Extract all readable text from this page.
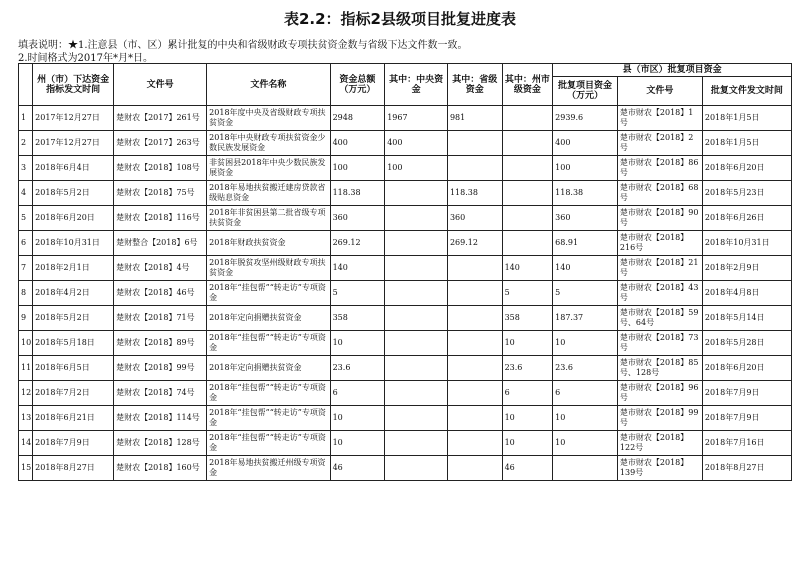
表2.2：指标2县级项目批复进度表
填表说明：★1.注意县（市、区）累计批复的中央和省级财政专项扶贫资金数与省级下达文件数一致。
2.时间格式为2017年*月*日。
	州（市）下达资金指标发文时间	文件号	文件名称	资金总额（万元）	其中：中央资金	其中：省级资金	其中：州市级资金	县（市区）批复项目资金		
								批复项目资金（万元）	文件号	批复文件发文时间
1	2017年12月27日	楚财农【2017】261号	2018年度中央及省级财政专项扶贫资金	2948	1967	981		2939.6	楚市财农【2018】1号	2018年1月5日
2	2017年12月27日	楚财农【2017】263号	2018年中央财政专项扶贫资金少数民族发展资金	400	400			400	楚市财农【2018】2号	2018年1月5日
3	2018年6月4日	楚财农【2018】108号	非贫困县2018年中央少数民族发展资金	100	100			100	楚市财农【2018】86号	2018年6月20日
4	2018年5月2日	楚财农【2018】75号	2018年易地扶贫搬迁建房贷款省级贴息资金	118.38		118.38		118.38	楚市财农【2018】68号	2018年5月23日
5	2018年6月20日	楚财农【2018】116号	2018年非贫困县第二批省级专项扶贫资金	360		360		360	楚市财农【2018】90号	2018年6月26日
6	2018年10月31日	楚财整合【2018】6号	2018年财政扶贫资金	269.12		269.12		68.91	楚市财农【2018】216号	2018年10月31日
7	2018年2月1日	楚财农【2018】4号	2018年脱贫攻坚州级财政专项扶贫资金	140			140	140	楚市财农【2018】21号	2018年2月9日
8	2018年4月2日	楚财农【2018】46号	2018年“挂包帮”“转走访”专项资金	5			5	5	楚市财农【2018】43号	2018年4月8日
9	2018年5月2日	楚财农【2018】71号	2018年定向捐赠扶贫资金	358			358	187.37	楚市财农【2018】59号、64号	2018年5月14日
10	2018年5月18日	楚财农【2018】89号	2018年“挂包帮”“转走访”专项资金	10			10	10	楚市财农【2018】73号	2018年5月28日
11	2018年6月5日	楚财农【2018】99号	2018年定向捐赠扶贫资金	23.6			23.6	23.6	楚市财农【2018】85号、128号	2018年6月20日
12	2018年7月2日	楚财农【2018】74号	2018年“挂包帮”“转走访”专项资金	6			6	6	楚市财农【2018】96号	2018年7月9日
13	2018年6月21日	楚财农【2018】114号	2018年“挂包帮”“转走访”专项资金	10			10	10	楚市财农【2018】99号	2018年7月9日
14	2018年7月9日	楚财农【2018】128号	2018年“挂包帮”“转走访”专项资金	10			10	10	楚市财农【2018】122号	2018年7月16日
15	2018年8月27日	楚财农【2018】160号	2018年易地扶贫搬迁州级专项资金	46			46		楚市财农【2018】139号	2018年8月27日
